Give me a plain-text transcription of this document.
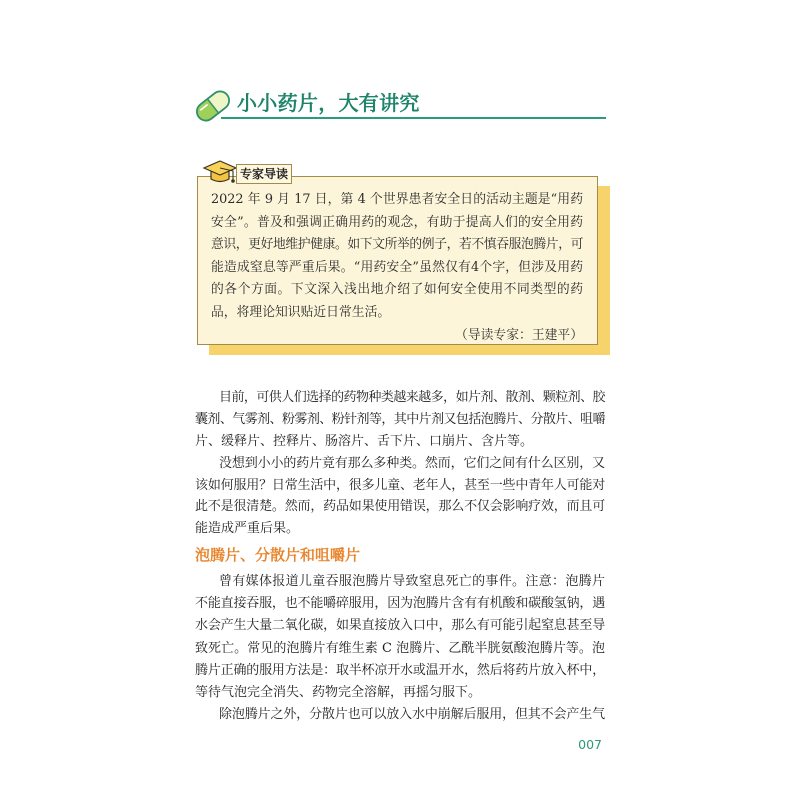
小小药片，大有讲究
专家导读
2022 年 9 月 17 日，第 4 个世界患者安全日的活动主题是“用药
安全”。普及和强调正确用药的观念，有助于提高人们的安全用药
意识，更好地维护健康。如下文所举的例子，若不慎吞服泡腾片，可
能造成窒息等严重后果。“用药安全”虽然仅有4个字，但涉及用药
的各个方面。下文深入浅出地介绍了如何安全使用不同类型的药
品，将理论知识贴近日常生活。
（导读专家：王建平）
目前，可供人们选择的药物种类越来越多，如片剂、散剂、颗粒剂、胶
囊剂、气雾剂、粉雾剂、粉针剂等，其中片剂又包括泡腾片、分散片、咀嚼
片、缓释片、控释片、肠溶片、舌下片、口崩片、含片等。
没想到小小的药片竟有那么多种类。然而，它们之间有什么区别，又
该如何服用？日常生活中，很多儿童、老年人，甚至一些中青年人可能对
此不是很清楚。然而，药品如果使用错误，那么不仅会影响疗效，而且可
能造成严重后果。
泡腾片、分散片和咀嚼片
曾有媒体报道儿童吞服泡腾片导致窒息死亡的事件。注意：泡腾片
不能直接吞服，也不能嚼碎服用，因为泡腾片含有有机酸和碳酸氢钠，遇
水会产生大量二氧化碳，如果直接放入口中，那么有可能引起窒息甚至导
致死亡。常见的泡腾片有维生素 C 泡腾片、乙酰半胱氨酸泡腾片等。泡
腾片正确的服用方法是：取半杯凉开水或温开水，然后将药片放入杯中，
等待气泡完全消失、药物完全溶解，再摇匀服下。
除泡腾片之外，分散片也可以放入水中崩解后服用，但其不会产生气
007
